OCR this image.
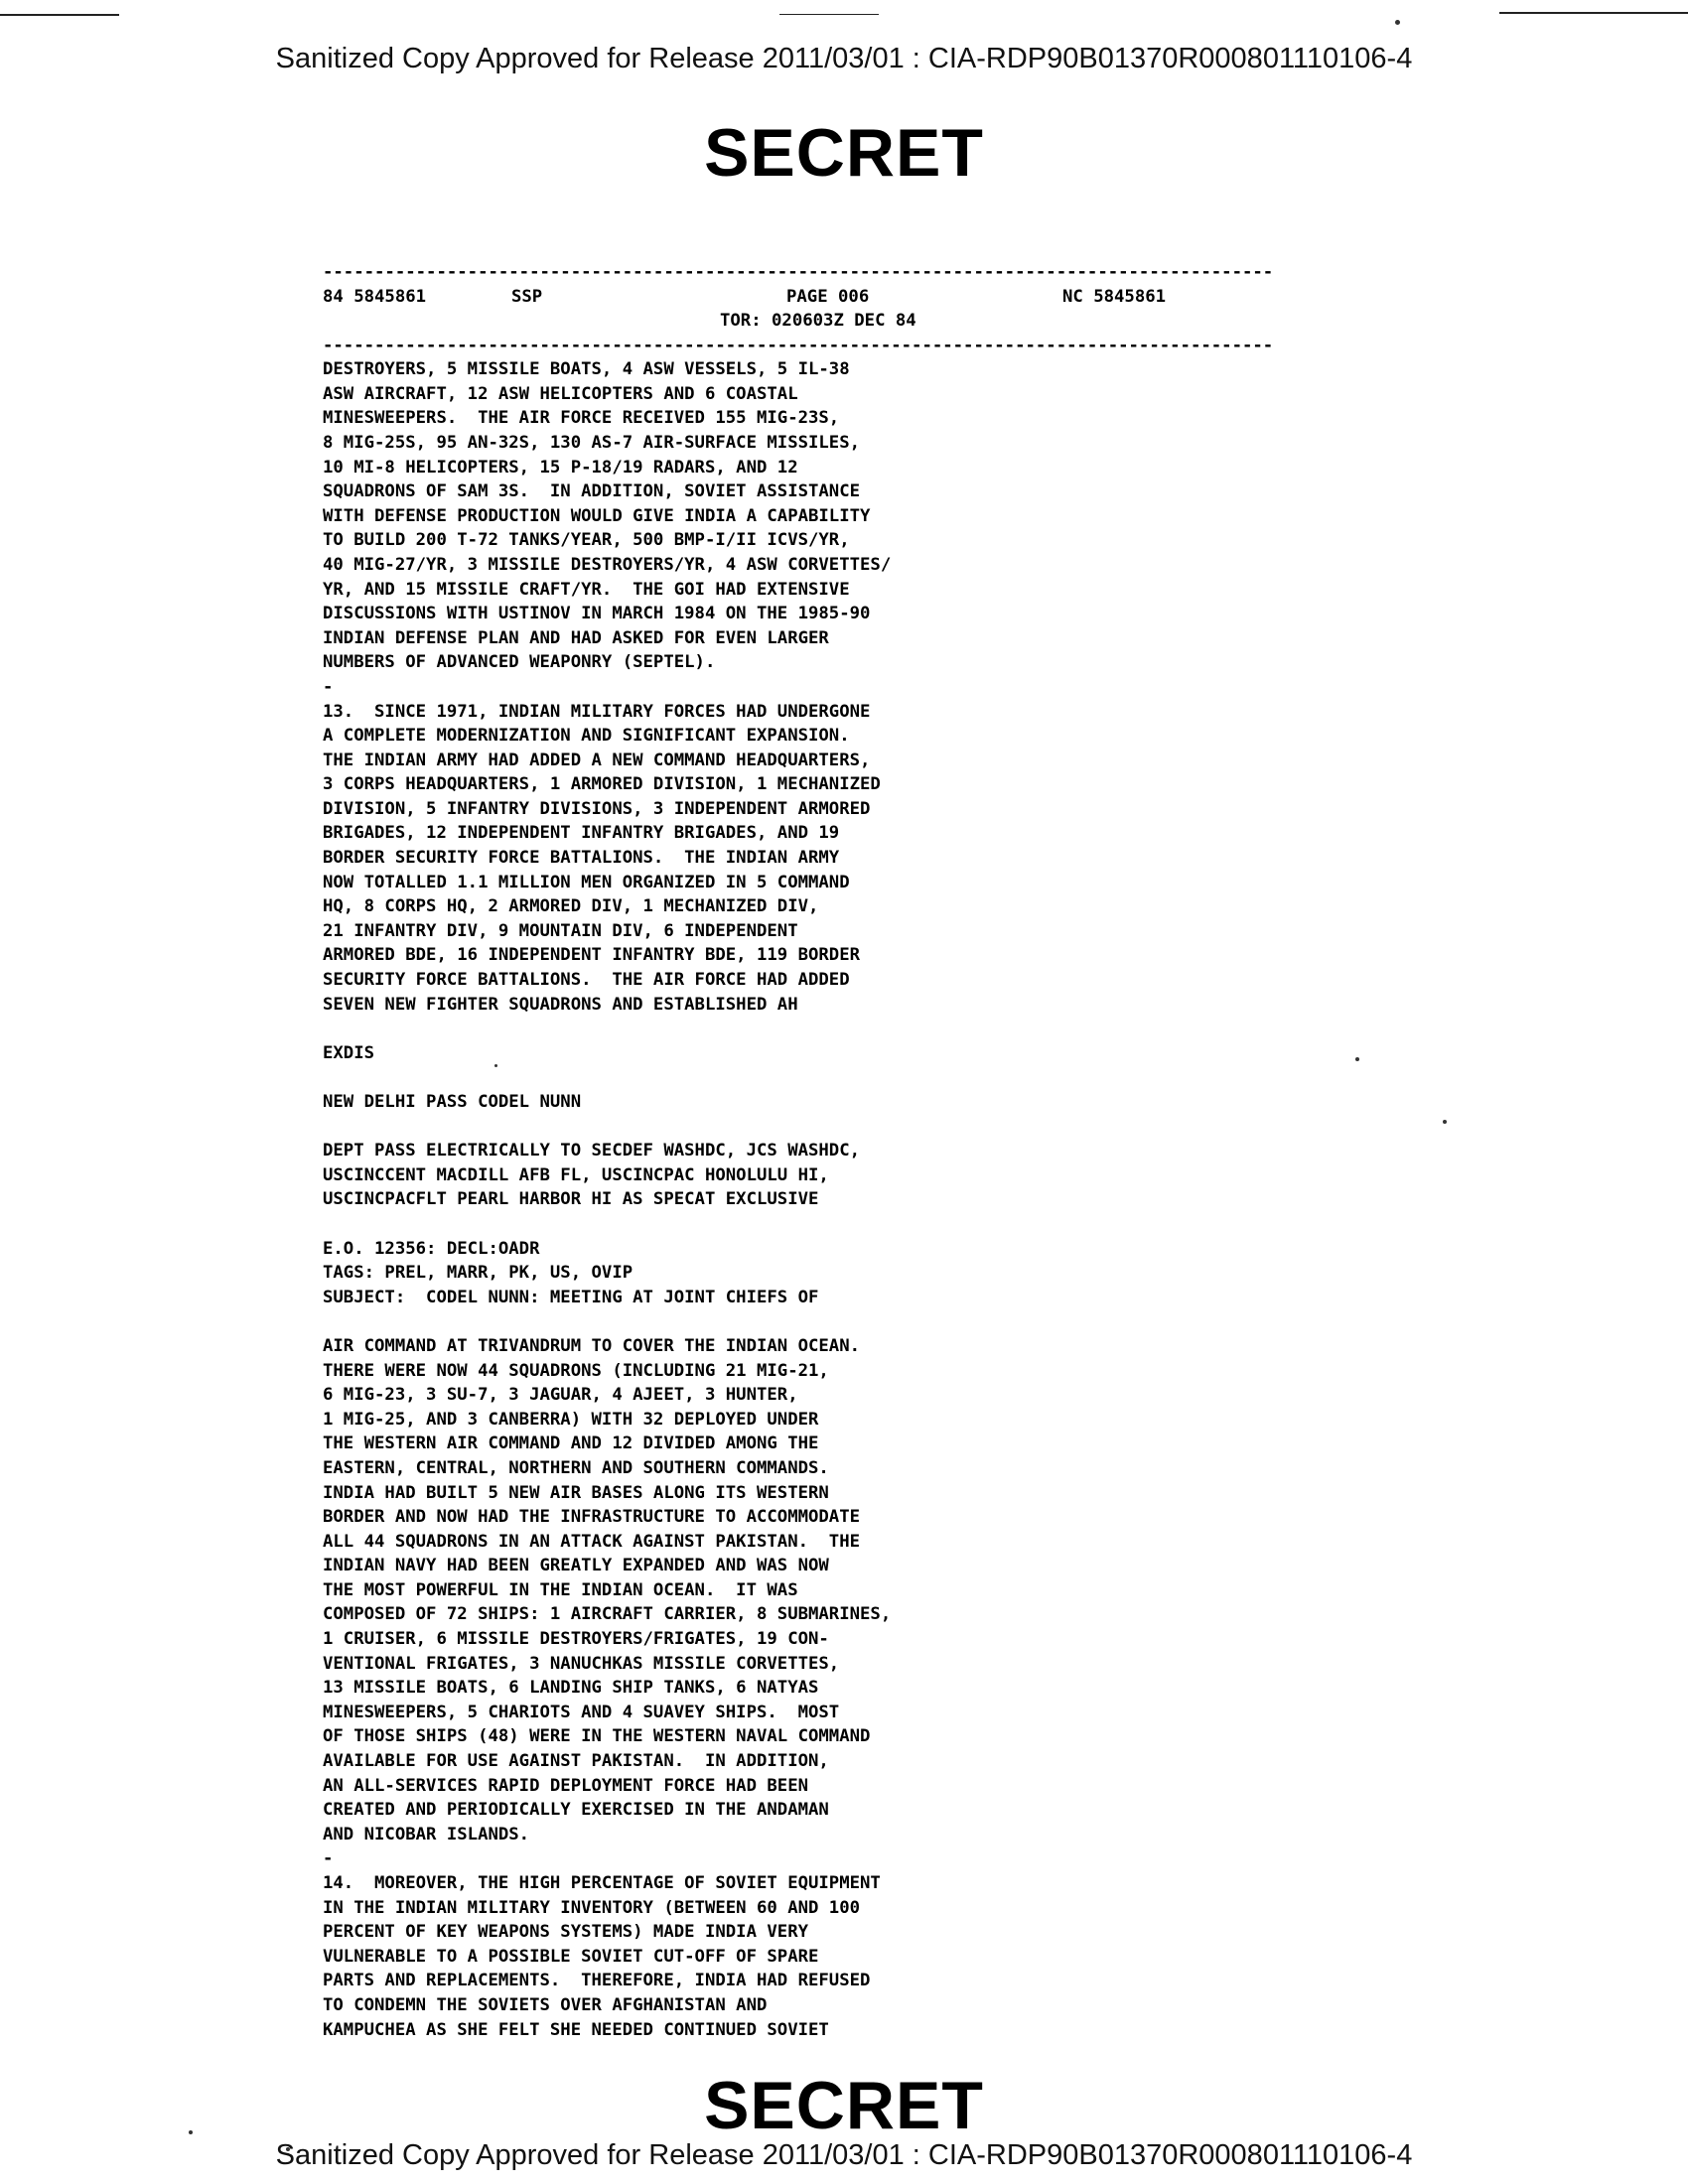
Sanitized Copy Approved for Release 2011/03/01 : CIA-RDP90B01370R000801110106-4
SECRET
--------------------------------------------------------------------------------------------
84 5845861	SSP	PAGE 006
TOR: 020603Z DEC 84
NC 5845861
--------------------------------------------------------------------------------------------
DESTROYERS, 5 MISSILE BOATS, 4 ASW VESSELS, 5 IL-38
ASW AIRCRAFT, 12 ASW HELICOPTERS AND 6 COASTAL
MINESWEEPERS.  THE AIR FORCE RECEIVED 155 MIG-23S,
8 MIG-25S, 95 AN-32S, 130 AS-7 AIR-SURFACE MISSILES,
10 MI-8 HELICOPTERS, 15 P-18/19 RADARS, AND 12
SQUADRONS OF SAM 3S.  IN ADDITION, SOVIET ASSISTANCE
WITH DEFENSE PRODUCTION WOULD GIVE INDIA A CAPABILITY
TO BUILD 200 T-72 TANKS/YEAR, 500 BMP-I/II ICVS/YR,
40 MIG-27/YR, 3 MISSILE DESTROYERS/YR, 4 ASW CORVETTES/
YR, AND 15 MISSILE CRAFT/YR.  THE GOI HAD EXTENSIVE
DISCUSSIONS WITH USTINOV IN MARCH 1984 ON THE 1985-90
INDIAN DEFENSE PLAN AND HAD ASKED FOR EVEN LARGER
NUMBERS OF ADVANCED WEAPONRY (SEPTEL).
-
13.  SINCE 1971, INDIAN MILITARY FORCES HAD UNDERGONE
A COMPLETE MODERNIZATION AND SIGNIFICANT EXPANSION.
THE INDIAN ARMY HAD ADDED A NEW COMMAND HEADQUARTERS,
3 CORPS HEADQUARTERS, 1 ARMORED DIVISION, 1 MECHANIZED
DIVISION, 5 INFANTRY DIVISIONS, 3 INDEPENDENT ARMORED
BRIGADES, 12 INDEPENDENT INFANTRY BRIGADES, AND 19
BORDER SECURITY FORCE BATTALIONS.  THE INDIAN ARMY
NOW TOTALLED 1.1 MILLION MEN ORGANIZED IN 5 COMMAND
HQ, 8 CORPS HQ, 2 ARMORED DIV, 1 MECHANIZED DIV,
21 INFANTRY DIV, 9 MOUNTAIN DIV, 6 INDEPENDENT
ARMORED BDE, 16 INDEPENDENT INFANTRY BDE, 119 BORDER
SECURITY FORCE BATTALIONS.  THE AIR FORCE HAD ADDED
SEVEN NEW FIGHTER SQUADRONS AND ESTABLISHED AH

EXDIS

NEW DELHI PASS CODEL NUNN

DEPT PASS ELECTRICALLY TO SECDEF WASHDC, JCS WASHDC,
USCINCCENT MACDILL AFB FL, USCINCPAC HONOLULU HI,
USCINCPACFLT PEARL HARBOR HI AS SPECAT EXCLUSIVE

E.O. 12356: DECL:OADR
TAGS: PREL, MARR, PK, US, OVIP
SUBJECT:  CODEL NUNN: MEETING AT JOINT CHIEFS OF

AIR COMMAND AT TRIVANDRUM TO COVER THE INDIAN OCEAN.
THERE WERE NOW 44 SQUADRONS (INCLUDING 21 MIG-21,
6 MIG-23, 3 SU-7, 3 JAGUAR, 4 AJEET, 3 HUNTER,
1 MIG-25, AND 3 CANBERRA) WITH 32 DEPLOYED UNDER
THE WESTERN AIR COMMAND AND 12 DIVIDED AMONG THE
EASTERN, CENTRAL, NORTHERN AND SOUTHERN COMMANDS.
INDIA HAD BUILT 5 NEW AIR BASES ALONG ITS WESTERN
BORDER AND NOW HAD THE INFRASTRUCTURE TO ACCOMMODATE
ALL 44 SQUADRONS IN AN ATTACK AGAINST PAKISTAN.  THE
INDIAN NAVY HAD BEEN GREATLY EXPANDED AND WAS NOW
THE MOST POWERFUL IN THE INDIAN OCEAN.  IT WAS
COMPOSED OF 72 SHIPS: 1 AIRCRAFT CARRIER, 8 SUBMARINES,
1 CRUISER, 6 MISSILE DESTROYERS/FRIGATES, 19 CON-
VENTIONAL FRIGATES, 3 NANUCHKAS MISSILE CORVETTES,
13 MISSILE BOATS, 6 LANDING SHIP TANKS, 6 NATYAS
MINESWEEPERS, 5 CHARIOTS AND 4 SUAVEY SHIPS.  MOST
OF THOSE SHIPS (48) WERE IN THE WESTERN NAVAL COMMAND
AVAILABLE FOR USE AGAINST PAKISTAN.  IN ADDITION,
AN ALL-SERVICES RAPID DEPLOYMENT FORCE HAD BEEN
CREATED AND PERIODICALLY EXERCISED IN THE ANDAMAN
AND NICOBAR ISLANDS.
-
14.  MOREOVER, THE HIGH PERCENTAGE OF SOVIET EQUIPMENT
IN THE INDIAN MILITARY INVENTORY (BETWEEN 60 AND 100
PERCENT OF KEY WEAPONS SYSTEMS) MADE INDIA VERY
VULNERABLE TO A POSSIBLE SOVIET CUT-OFF OF SPARE
PARTS AND REPLACEMENTS.  THEREFORE, INDIA HAD REFUSED
TO CONDEMN THE SOVIETS OVER AFGHANISTAN AND
KAMPUCHEA AS SHE FELT SHE NEEDED CONTINUED SOVIET
SECRET
Sanitized Copy Approved for Release 2011/03/01 : CIA-RDP90B01370R000801110106-4
